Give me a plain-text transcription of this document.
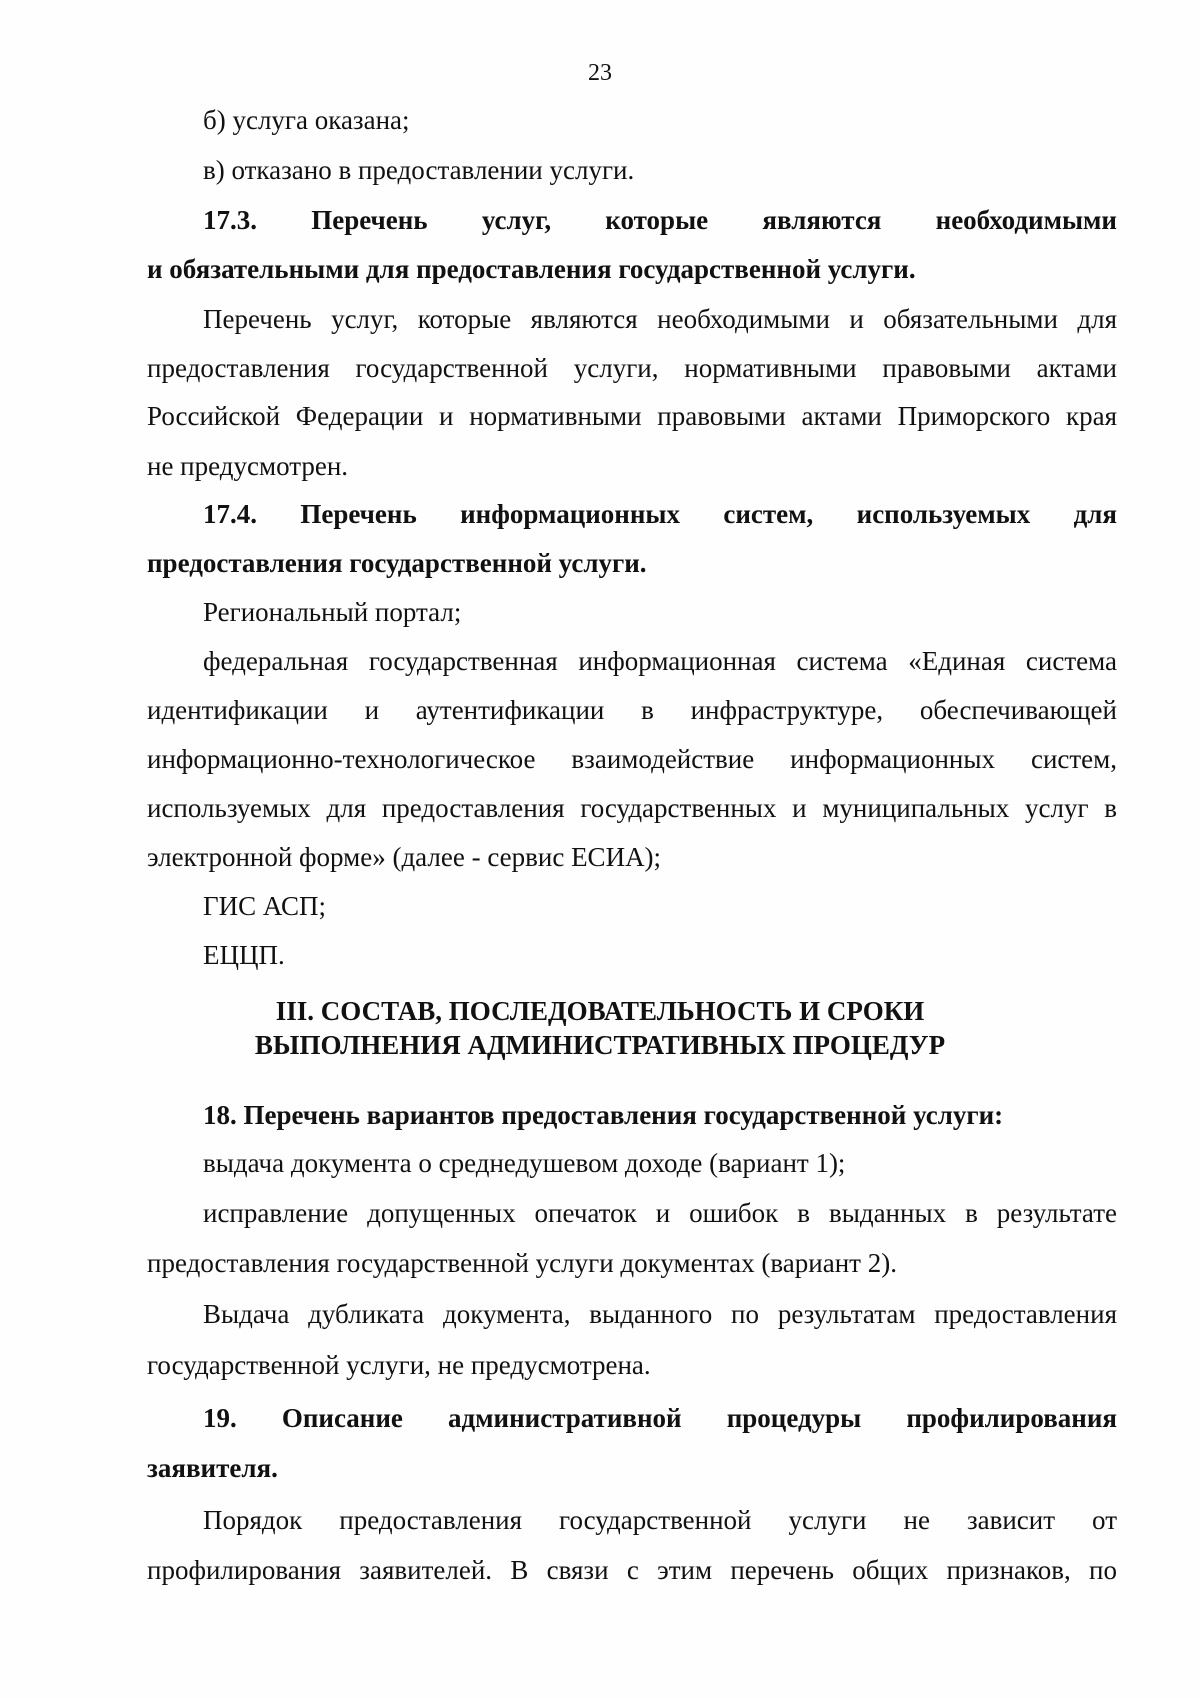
23
б) услуга оказана;
в) отказано в предоставлении услуги.
17.3. Перечень услуг, которые являются необходимыми
и обязательными для предоставления государственной услуги.
Перечень услуг, которые являются необходимыми и обязательными для
предоставления государственной услуги, нормативными правовыми актами
Российской Федерации и нормативными правовыми актами Приморского края
не предусмотрен.
17.4. Перечень информационных систем, используемых для
предоставления государственной услуги.
Региональный портал;
федеральная государственная информационная система «Единая система
идентификации и аутентификации в инфраструктуре, обеспечивающей
информационно-технологическое взаимодействие информационных систем,
используемых для предоставления государственных и муниципальных услуг в
электронной форме» (далее - сервис ЕСИА);
ГИС АСП;
ЕЦЦП.
III. СОСТАВ, ПОСЛЕДОВАТЕЛЬНОСТЬ И СРОКИ
ВЫПОЛНЕНИЯ АДМИНИСТРАТИВНЫХ ПРОЦЕДУР
18. Перечень вариантов предоставления государственной услуги:
выдача документа о среднедушевом доходе (вариант 1);
исправление допущенных опечаток и ошибок в выданных в результате
предоставления государственной услуги документах (вариант 2).
Выдача дубликата документа, выданного по результатам предоставления
государственной услуги, не предусмотрена.
19. Описание административной процедуры профилирования
заявителя.
Порядок предоставления государственной услуги не зависит от
профилирования заявителей. В связи с этим перечень общих признаков, по
